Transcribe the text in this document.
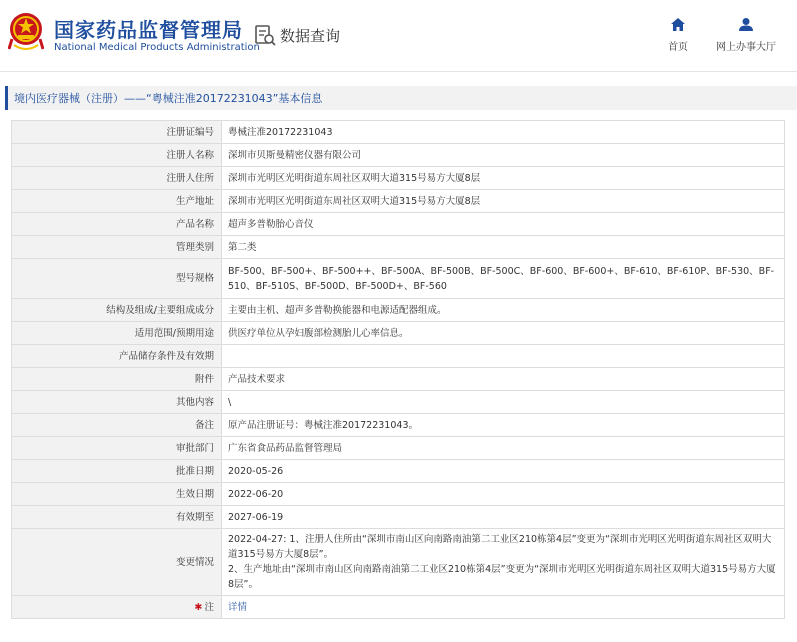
国家药品监督管理局
National Medical Products Administration
数据查询
首页	网上办事大厅
境内医疗器械（注册）——“粤械注准20172231043”基本信息
注册证编号	粤械注准20172231043
注册人名称	深圳市贝斯曼精密仪器有限公司
注册人住所	深圳市光明区光明街道东周社区双明大道315号易方大厦8层
生产地址	深圳市光明区光明街道东周社区双明大道315号易方大厦8层
产品名称	超声多普勒胎心音仪
管理类别	第二类
型号规格	BF-500、BF-500+、BF-500++、BF-500A、BF-500B、BF-500C、BF-600、BF-600+、BF-610、BF-610P、BF-530、BF-510、BF-510S、BF-500D、BF-500D+、BF-560
结构及组成/主要组成成分	主要由主机、超声多普勒换能器和电源适配器组成。
适用范围/预期用途	供医疗单位从孕妇腹部检测胎儿心率信息。
产品储存条件及有效期	
附件	产品技术要求
其他内容	\
备注	原产品注册证号：粤械注准20172231043。
审批部门	广东省食品药品监督管理局
批准日期	2020-05-26
生效日期	2022-06-20
有效期至	2027-06-19
变更情况	2022-04-27: 1、注册人住所由“深圳市南山区向南路南油第二工业区210栋第4层”变更为“深圳市光明区光明街道东周社区双明大道315号易方大厦8层”。
2、生产地址由“深圳市南山区向南路南油第二工业区210栋第4层”变更为“深圳市光明区光明街道东周社区双明大道315号易方大厦8层”。
✱ 注	详情
